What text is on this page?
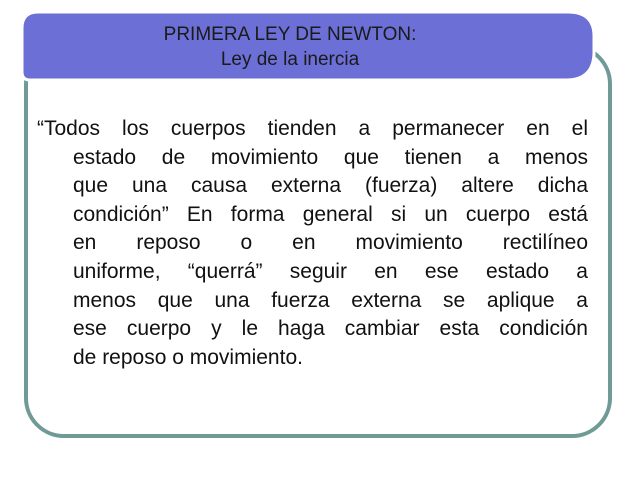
PRIMERA LEY DE NEWTON:
Ley de la inercia
“Todos los cuerpos tienden a permanecer en el
estado de movimiento que tienen a menos
que una causa externa (fuerza) altere dicha
condición” En forma general si un cuerpo está
en reposo o en movimiento rectilíneo
uniforme, “querrá” seguir en ese estado a
menos que una fuerza externa se aplique a
ese cuerpo y le haga cambiar esta condición
de reposo o movimiento.
